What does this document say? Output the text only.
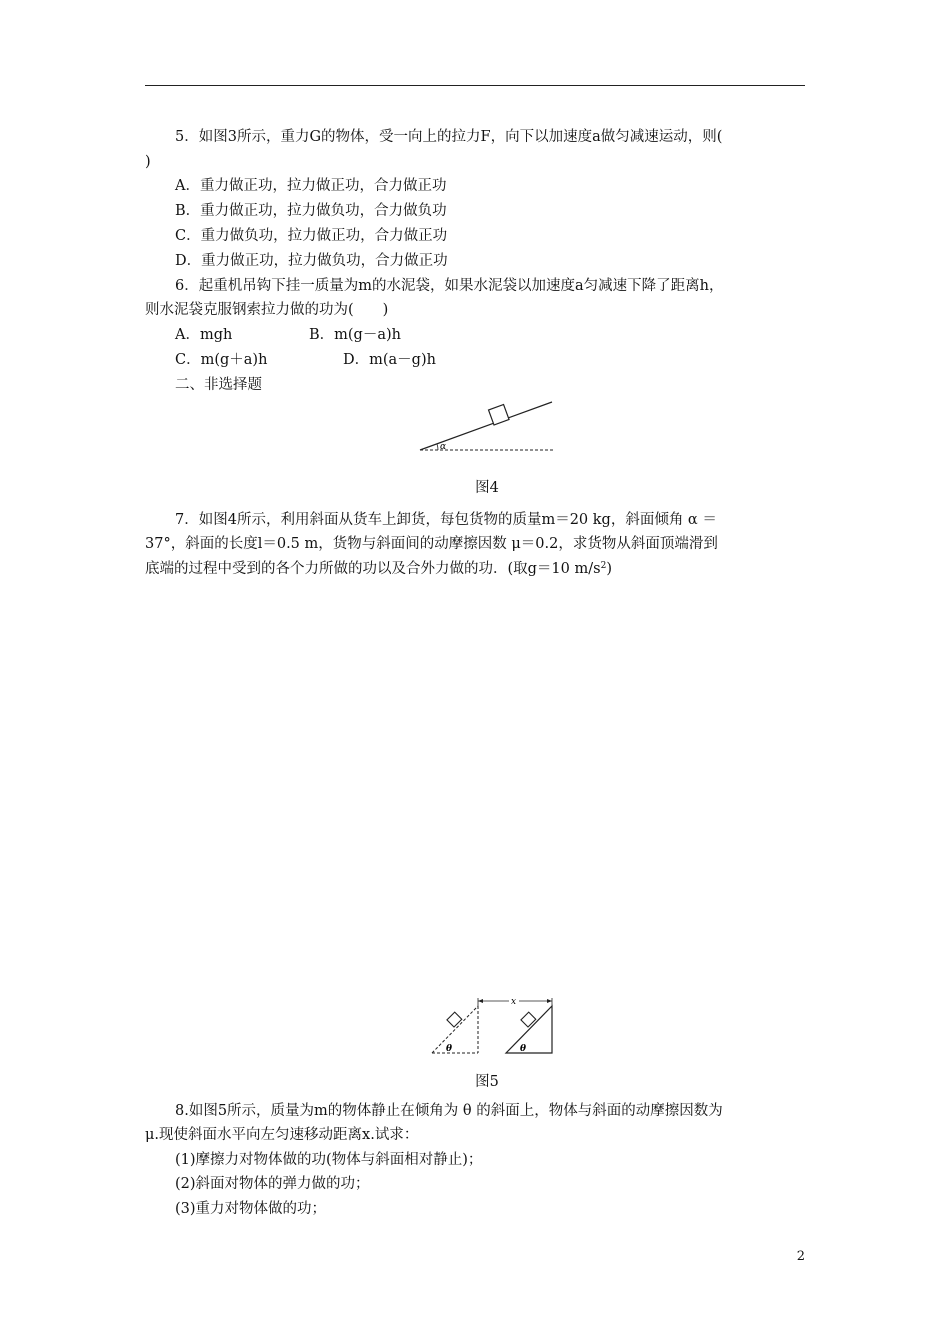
5．如图3所示，重力G的物体，受一向上的拉力F，向下以加速度a做匀减速运动，则(
)
A．重力做正功，拉力做正功，合力做正功
B．重力做正功，拉力做负功，合力做负功
C．重力做负功，拉力做正功，合力做正功
D．重力做正功，拉力做负功，合力做正功
6．起重机吊钩下挂一质量为m的水泥袋，如果水泥袋以加速度a匀减速下降了距离h，
则水泥袋克服钢索拉力做的功为(　　)
A．mgh	B．m(g－a)h
C．m(g＋a)h	D．m(a－g)h
二、非选择题
α
图4
7．如图4所示，利用斜面从货车上卸货，每包货物的质量m＝20 kg，斜面倾角 α ＝
37°，斜面的长度l＝0.5 m，货物与斜面间的动摩擦因数 μ＝0.2，求货物从斜面顶端滑到
底端的过程中受到的各个力所做的功以及合外力做的功．(取g＝10 $m/s^2$)
θ	θ
x
图5
8.如图5所示，质量为m的物体静止在倾角为 θ 的斜面上，物体与斜面的动摩擦因数为
μ.现使斜面水平向左匀速移动距离x.试求：
(1)摩擦力对物体做的功(物体与斜面相对静止)；
(2)斜面对物体的弹力做的功；
(3)重力对物体做的功；
2
